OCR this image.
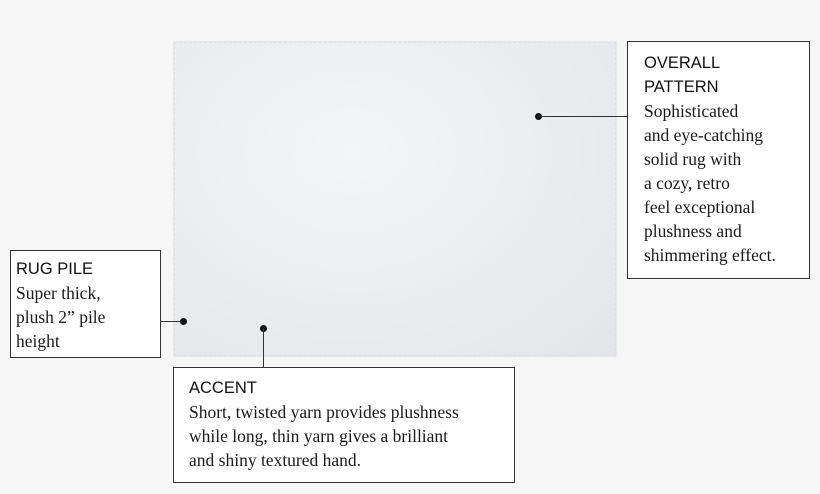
OVERALL
PATTERN
Sophisticated
and eye-catching
solid rug with
a cozy, retro
feel exceptional
plushness and
shimmering effect.
RUG PILE
Super thick,
plush 2” pile
height
ACCENT
Short, twisted yarn provides plushness
while long, thin yarn gives a brilliant
and shiny textured hand.
